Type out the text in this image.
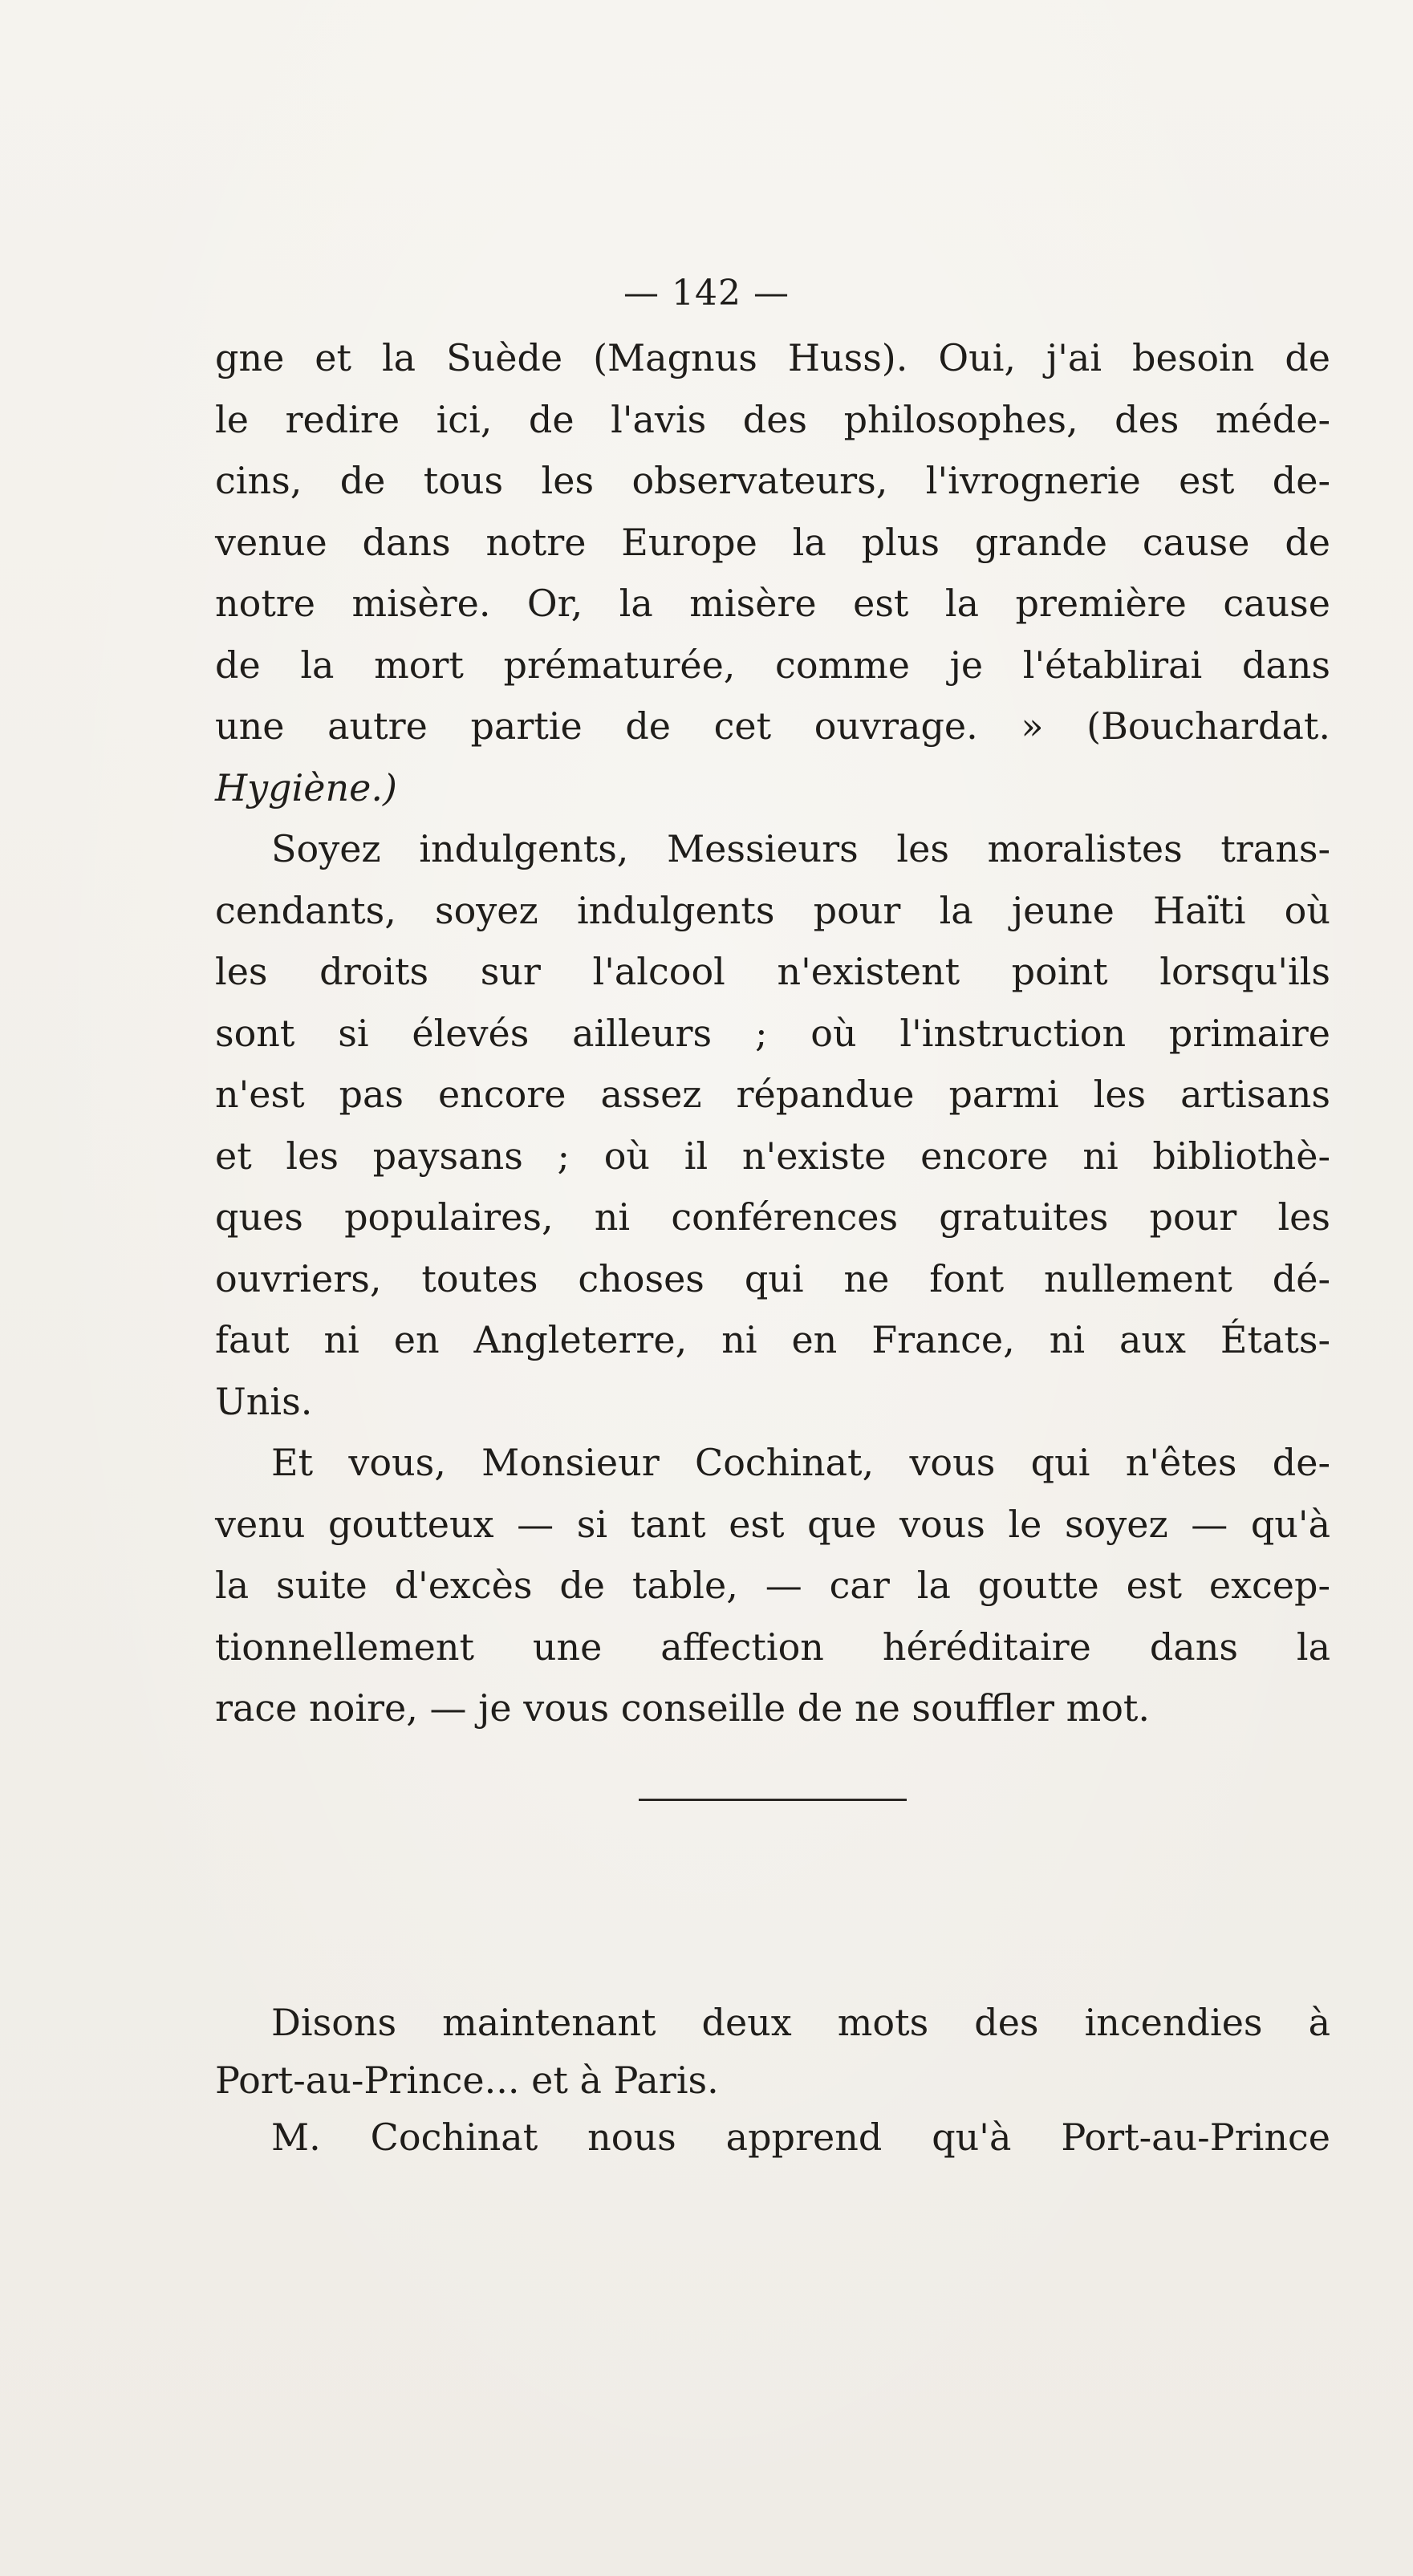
— 142 —
gne et la Suède (Magnus Huss). Oui, j'ai besoin de
le redire ici, de l'avis des philosophes, des méde-
cins, de tous les observateurs, l'ivrognerie est de-
venue dans notre Europe la plus grande cause de
notre misère. Or, la misère est la première cause
de la mort prématurée, comme je l'établirai dans
une autre partie de cet ouvrage. » (Bouchardat.
Hygiène.)
Soyez indulgents, Messieurs les moralistes trans-
cendants, soyez indulgents pour la jeune Haïti où
les droits sur l'alcool n'existent point lorsqu'ils
sont si élevés ailleurs ; où l'instruction primaire
n'est pas encore assez répandue parmi les artisans
et les paysans ; où il n'existe encore ni bibliothè-
ques populaires, ni conférences gratuites pour les
ouvriers, toutes choses qui ne font nullement dé-
faut ni en Angleterre, ni en France, ni aux États-
Unis.
Et vous, Monsieur Cochinat, vous qui n'êtes de-
venu goutteux — si tant est que vous le soyez — qu'à
la suite d'excès de table, — car la goutte est excep-
tionnellement une affection héréditaire dans la
race noire, — je vous conseille de ne souffler mot.
Disons maintenant deux mots des incendies à
Port-au-Prince... et à Paris.
M. Cochinat nous apprend qu'à Port-au-Prince
